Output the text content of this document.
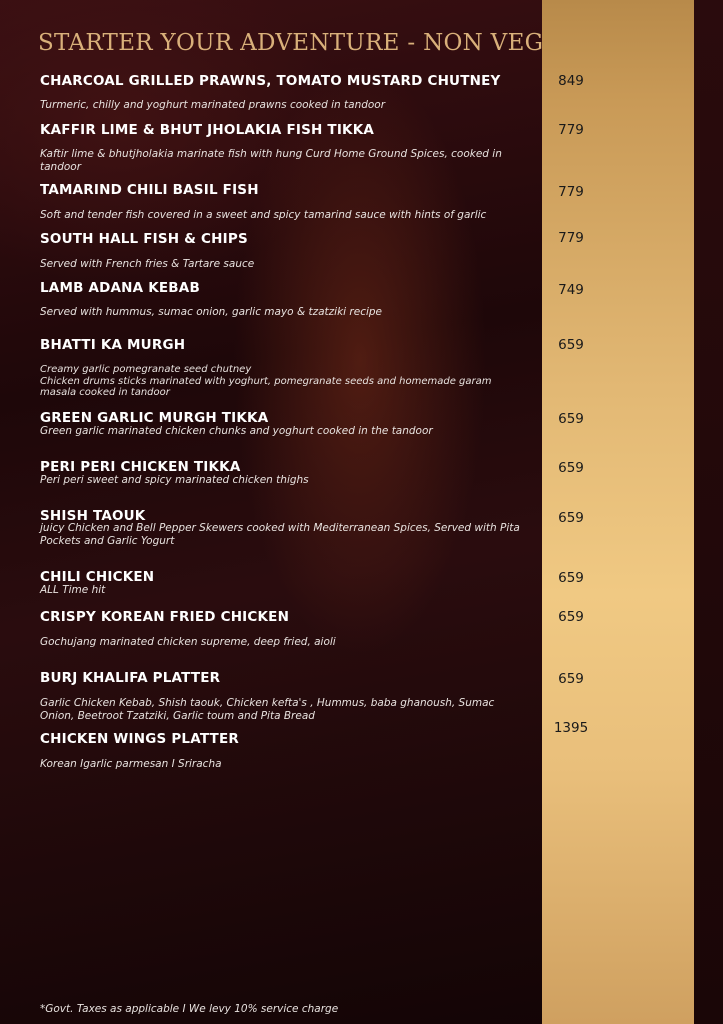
STARTER YOUR ADVENTURE - NON VEG
CHARCOAL GRILLED PRAWNS, TOMATO MUSTARD CHUTNEY
Turmeric, chilly and yoghurt marinated prawns cooked in tandoor
849
KAFFIR LIME & BHUT JHOLAKIA FISH TIKKA
Kaftir lime & bhutjholakia marinate fish with hung Curd Home Ground Spices, cooked in tandoor
779
TAMARIND CHILI BASIL FISH
Soft and tender fish covered in a sweet and spicy tamarind sauce with hints of garlic
779
SOUTH HALL FISH & CHIPS
Served with French fries & Tartare sauce
779
LAMB ADANA KEBAB
Served with hummus, sumac onion, garlic mayo & tzatziki recipe
749
BHATTI KA MURGH
Creamy garlic pomegranate seed chutney
Chicken drums sticks marinated with yoghurt, pomegranate seeds and homemade garam masala cooked in tandoor
659
GREEN GARLIC MURGH TIKKA
Green garlic marinated chicken chunks and yoghurt cooked in the tandoor
659
PERI PERI CHICKEN TIKKA
Peri peri sweet and spicy marinated chicken thighs
659
SHISH TAOUK
juicy Chicken and Bell Pepper Skewers cooked with Mediterranean Spices, Served with Pita Pockets and Garlic Yogurt
659
CHILI CHICKEN
ALL Time hit
659
CRISPY KOREAN FRIED CHICKEN
Gochujang marinated chicken supreme, deep fried, aioli
659
BURJ KHALIFA PLATTER
Garlic Chicken Kebab, Shish taouk, Chicken kefta's , Hummus, baba ghanoush, Sumac Onion, Beetroot Tzatziki, Garlic toum and Pita Bread
659
CHICKEN WINGS PLATTER
Korean Igarlic parmesan I Sriracha
1395
*Govt. Taxes as applicable I We levy 10% service charge
